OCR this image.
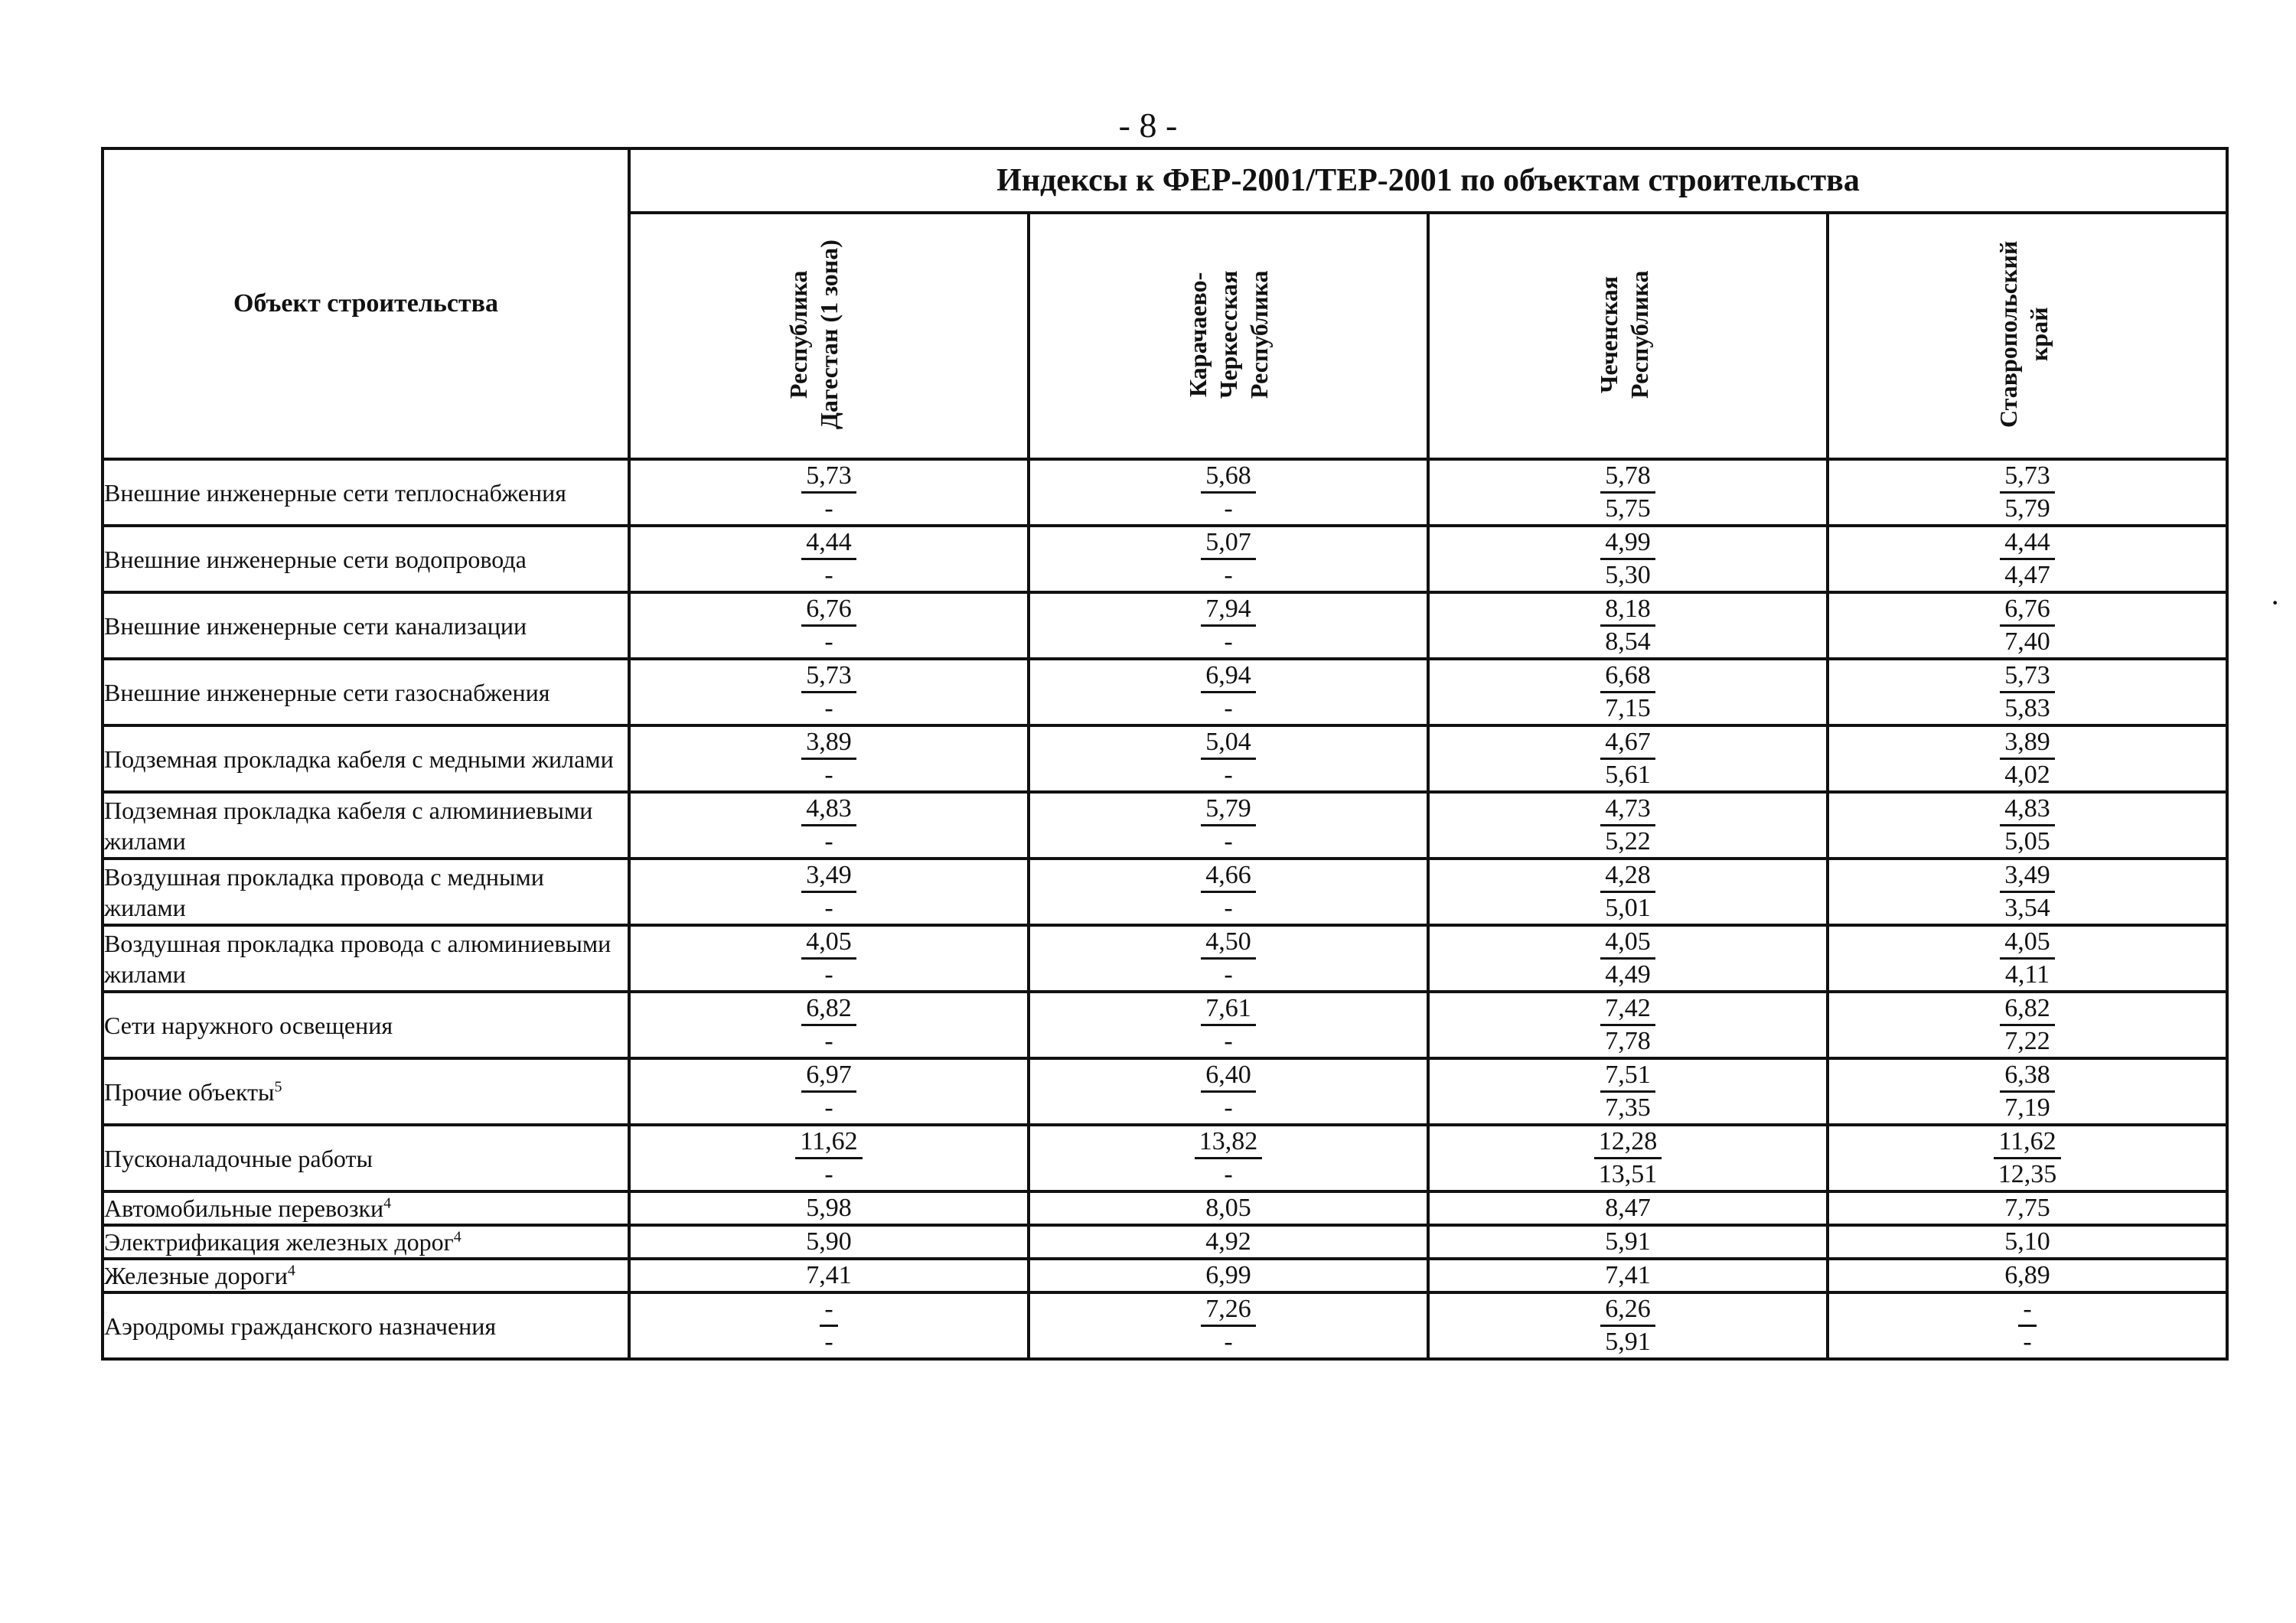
- 8 -
·
Объект строительства	Индексы к ФЕР-2001/ТЕР-2001 по объектам строительства			
	Республика Дагестан (1 зона)	Карачаево-Черкесская Республика	Чеченская Республика	Ставропольский край
Внешние инженерные сети теплоснабжения	$\frac{5,73}{-}$	$\frac{5,68}{-}$	$\frac{5,78}{5,75}$	$\frac{5,73}{5,79}$

Внешние инженерные сети водопровода	$\frac{4,44}{-}$	$\frac{5,07}{-}$	$\frac{4,99}{5,30}$	$\frac{4,44}{4,47}$

Внешние инженерные сети канализации	$\frac{6,76}{-}$	$\frac{7,94}{-}$	$\frac{8,18}{8,54}$	$\frac{6,76}{7,40}$

Внешние инженерные сети газоснабжения	$\frac{5,73}{-}$	$\frac{6,94}{-}$	$\frac{6,68}{7,15}$	$\frac{5,73}{5,83}$

Подземная прокладка кабеля с медными жилами	$\frac{3,89}{-}$	$\frac{5,04}{-}$	$\frac{4,67}{5,61}$	$\frac{3,89}{4,02}$

Подземная прокладка кабеля с алюминиевыми жилами	$\frac{4,83}{-}$	$\frac{5,79}{-}$	$\frac{4,73}{5,22}$	$\frac{4,83}{5,05}$

Воздушная прокладка провода с медными жилами	$\frac{3,49}{-}$	$\frac{4,66}{-}$	$\frac{4,28}{5,01}$	$\frac{3,49}{3,54}$

Воздушная прокладка провода с алюминиевыми жилами	$\frac{4,05}{-}$	$\frac{4,50}{-}$	$\frac{4,05}{4,49}$	$\frac{4,05}{4,11}$

Сети наружного освещения	$\frac{6,82}{-}$	$\frac{7,61}{-}$	$\frac{7,42}{7,78}$	$\frac{6,82}{7,22}$

Прочие объекты$^5$	$\frac{6,97}{-}$	$\frac{6,40}{-}$	$\frac{7,51}{7,35}$	$\frac{6,38}{7,19}$

Пусконаладочные работы	$\frac{11,62}{-}$	$\frac{13,82}{-}$	$\frac{12,28}{13,51}$	$\frac{11,62}{12,35}$

Автомобильные перевозки$^4$	5,98	8,05	8,47	7,75
Электрификация железных дорог$^4$	5,90	4,92	5,91	5,10
Железные дороги$^4$	7,41	6,99	7,41	6,89
Аэродромы гражданского назначения	$\frac{-}{-}$	$\frac{7,26}{-}$	$\frac{6,26}{5,91}$	$\frac{-}{-}$
